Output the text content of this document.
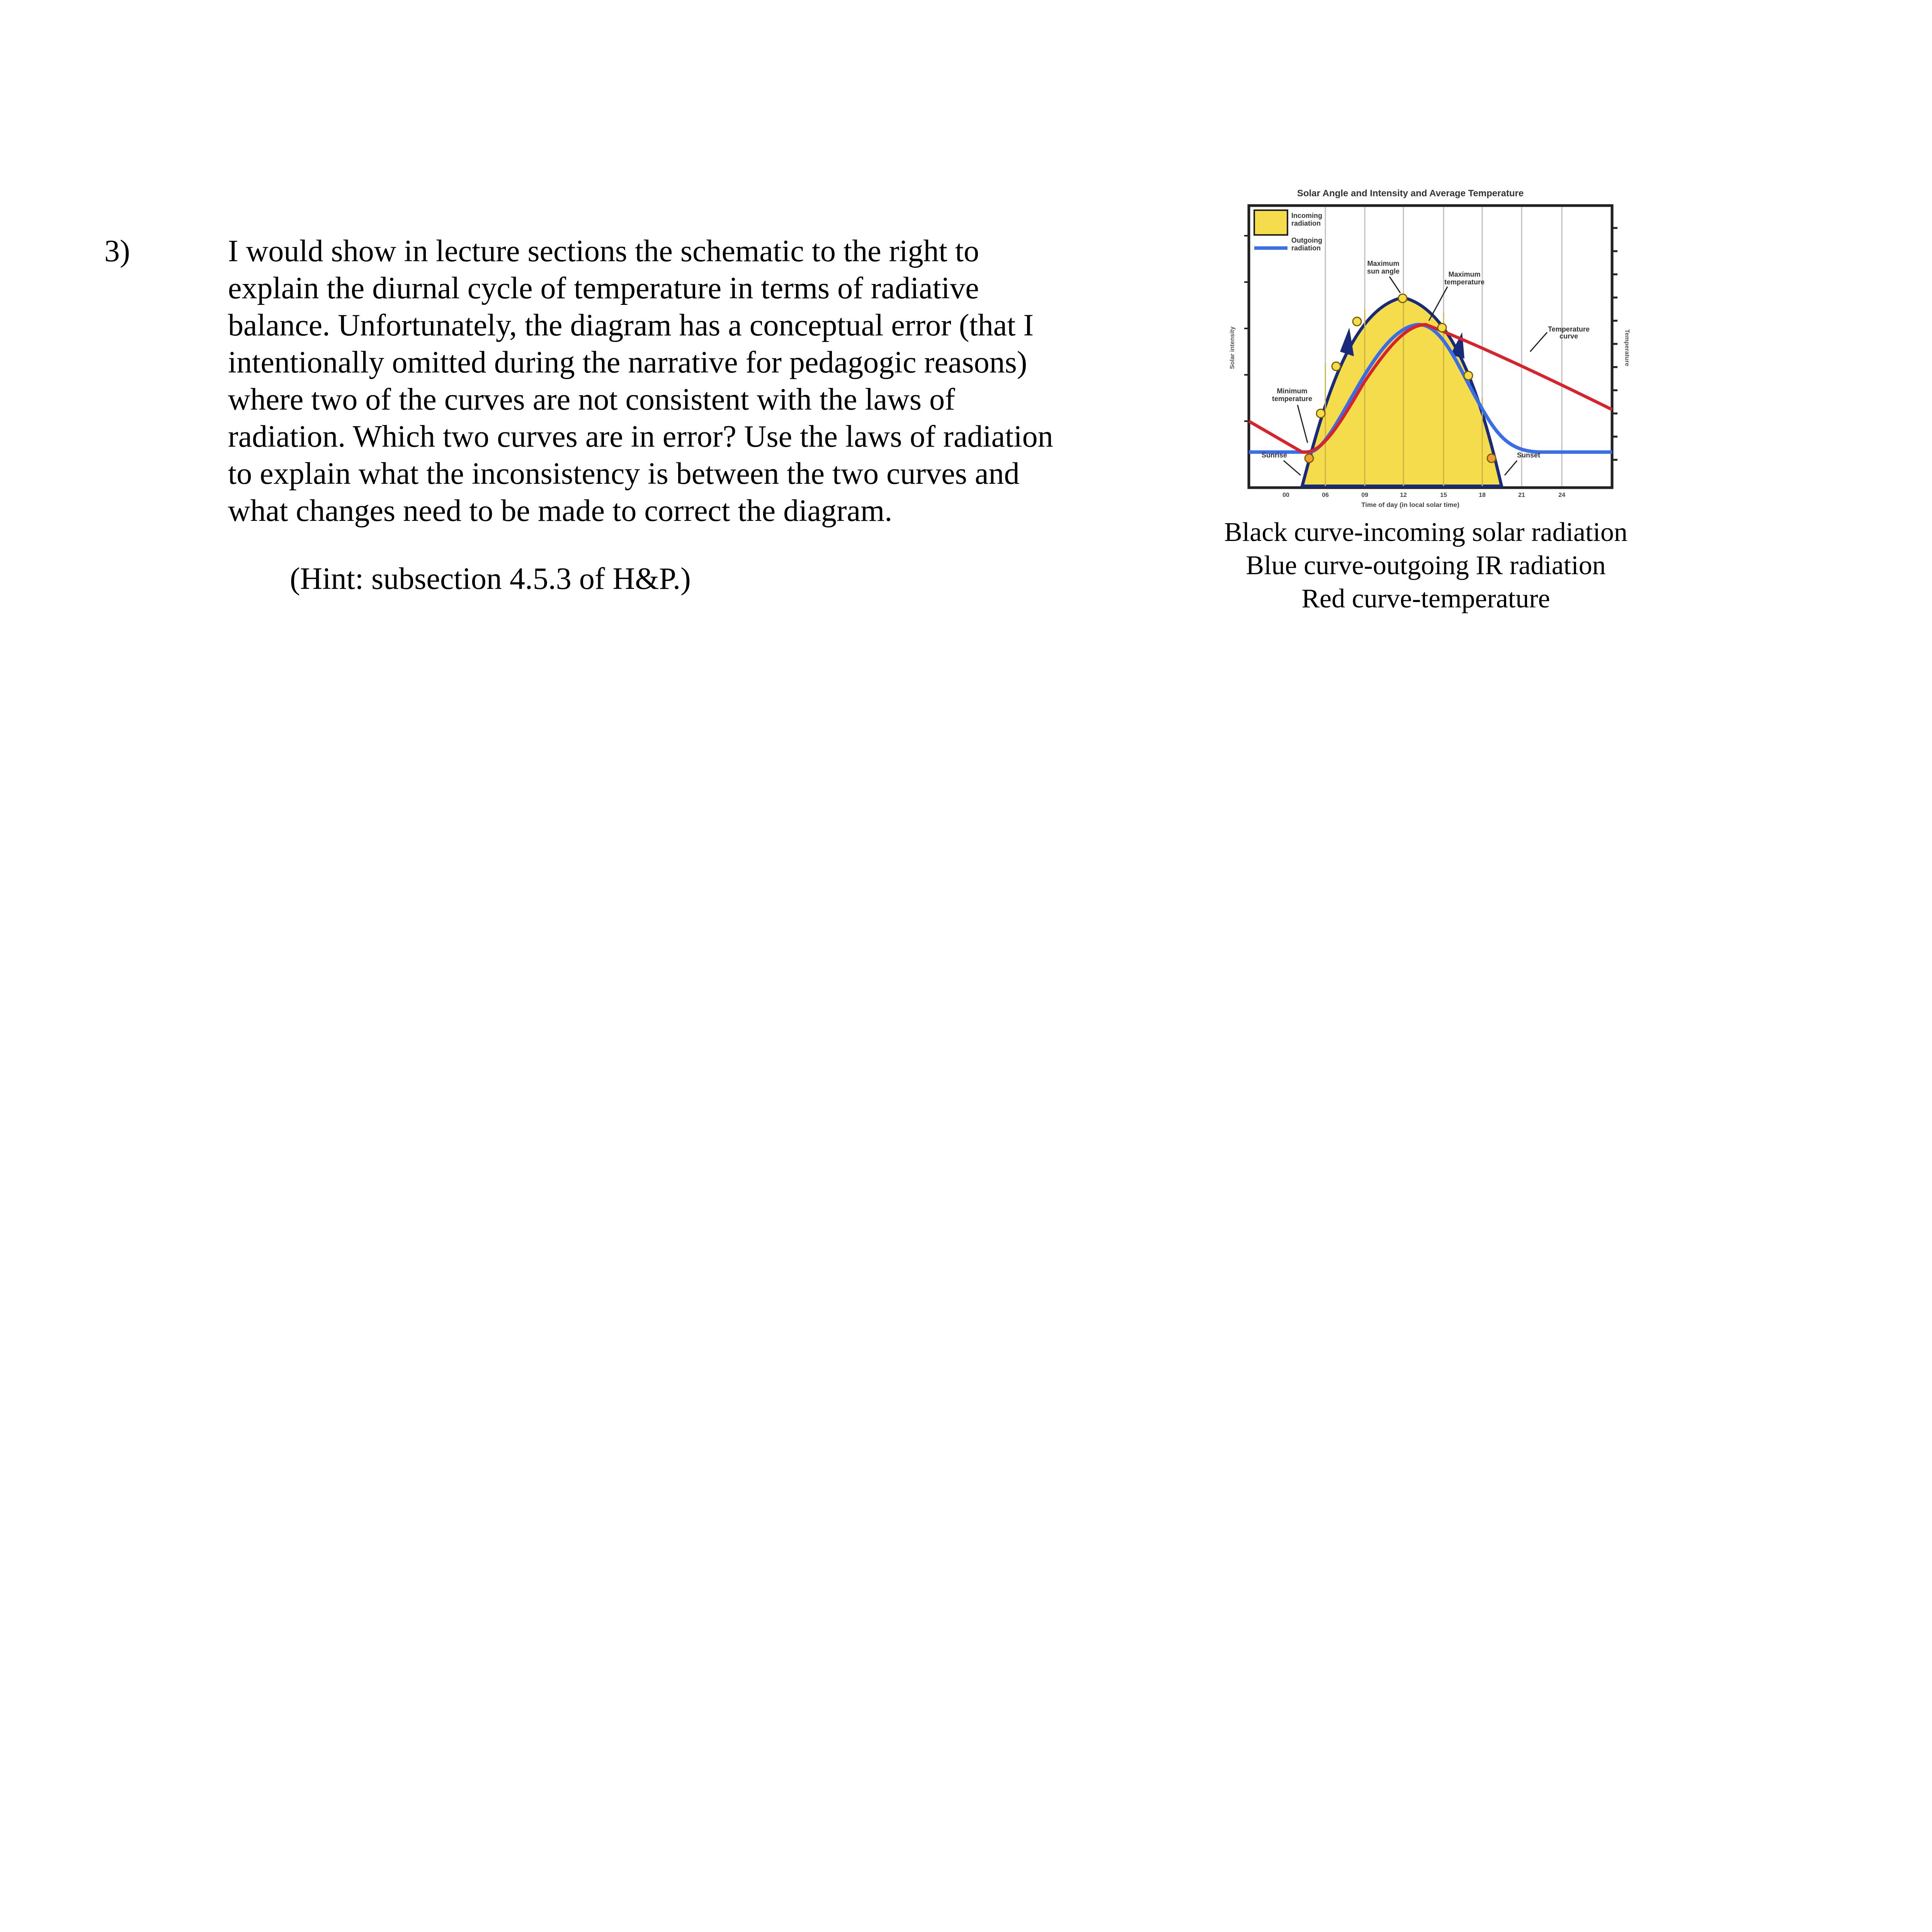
3)	I would show in lecture sections the schematic to the right to
explain the diurnal cycle of temperature in terms of radiative
balance. Unfortunately, the diagram has a conceptual error (that I
intentionally omitted during the narrative for pedagogic reasons)
where two of the curves are not consistent with the laws of
radiation. Which two curves are in error? Use the laws of radiation
to explain what the inconsistency is between the two curves and
what changes need to be made to correct the diagram.
(Hint: subsection 4.5.3 of H&P.)
Solar Angle and Intensity and Average Temperature
Incoming
radiation
Outgoing
radiation
Maximum
sun angle	Maximum
temperature
Temperature
curve
Minimum
temperature
Sunrise	Sunset
Solar intensity	Temperature
00	06	09	12	15	18	21	24
Time of day (in local solar time)
Black curve-incoming solar radiation
Blue curve-outgoing IR radiation
Red curve-temperature
